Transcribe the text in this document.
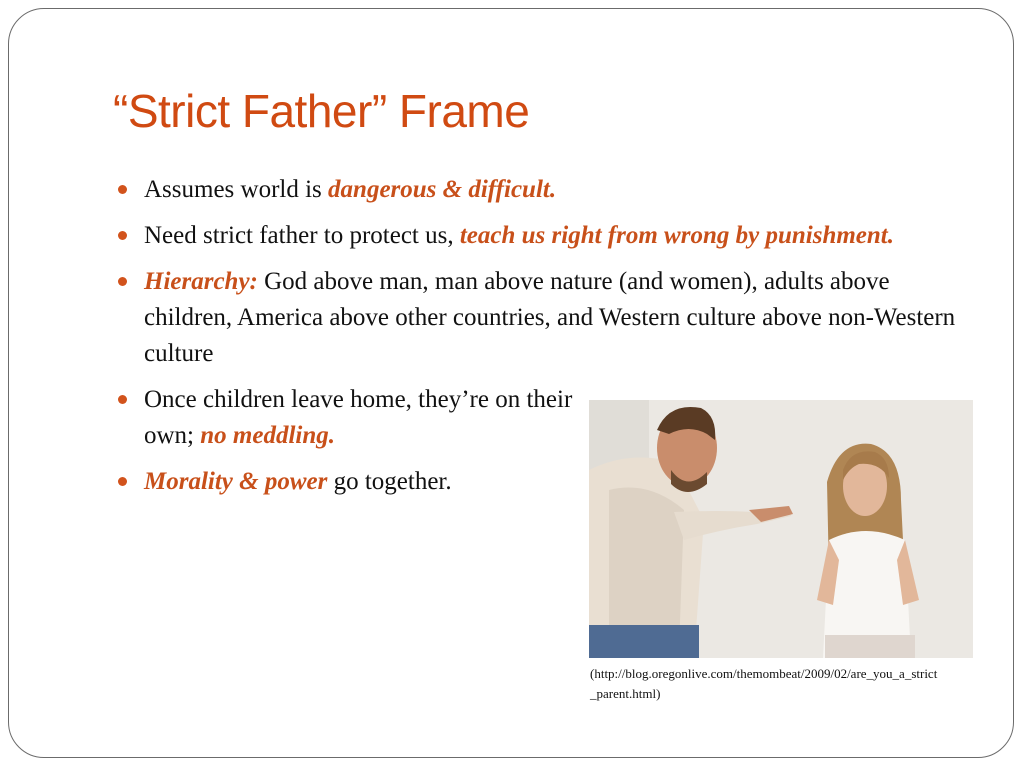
“Strict Father” Frame
Assumes world is dangerous & difficult.
Need strict father to protect us, teach us right from wrong by punishment.
Hierarchy: God above man, man above nature (and women), adults above children, America above other countries, and Western culture above non-Western culture
Once children leave home, they’re on their own; no meddling.
Morality & power go together.
(http://blog.oregonlive.com/themombeat/2009/02/are_you_a_strict_parent.html)
